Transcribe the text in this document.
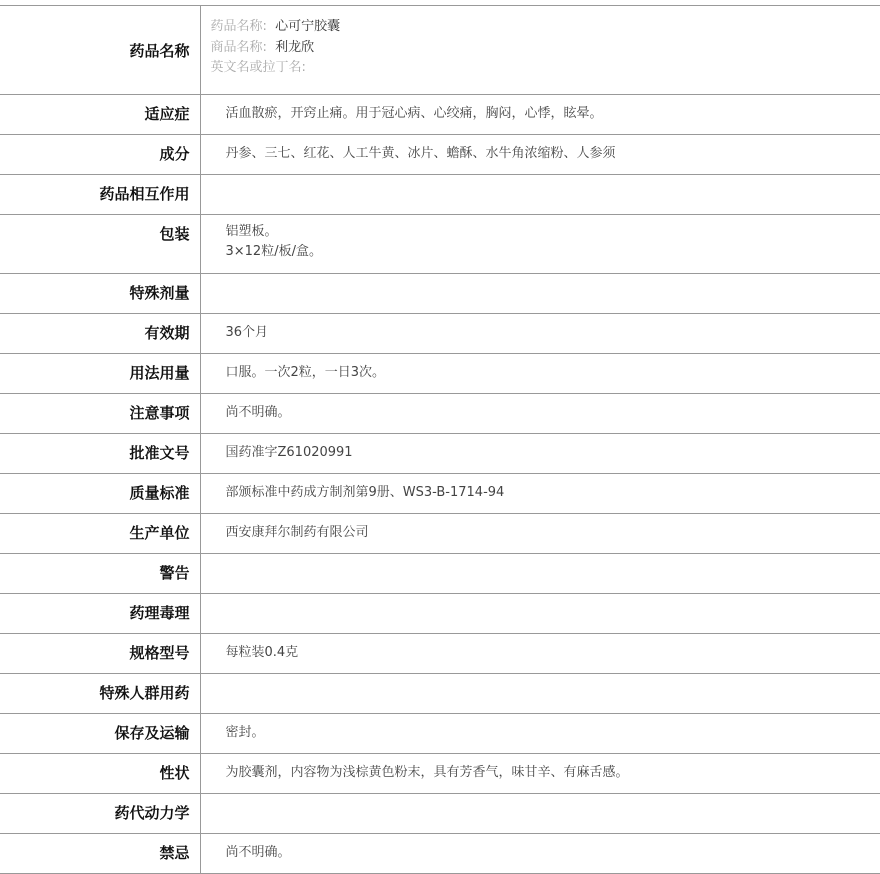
药品名称	药品名称: 心可宁胶囊
商品名称: 利龙欣
英文名或拉丁名:

适应症	活血散瘀，开窍止痛。用于冠心病、心绞痛，胸闷，心悸，眩晕。
成分	丹参、三七、红花、人工牛黄、冰片、蟾酥、水牛角浓缩粉、人参须
药品相互作用	
包装	铝塑板。
3×12粒/板/盒。

特殊剂量	
有效期	36个月
用法用量	口服。一次2粒，一日3次。
注意事项	尚不明确。
批准文号	国药准字Z61020991
质量标准	部颁标准中药成方制剂第9册、WS3-B-1714-94
生产单位	西安康拜尔制药有限公司
警告	
药理毒理	
规格型号	每粒装0.4克
特殊人群用药	
保存及运输	密封。
性状	为胶囊剂，内容物为浅棕黄色粉末，具有芳香气，味甘辛、有麻舌感。
药代动力学	
禁忌	尚不明确。
